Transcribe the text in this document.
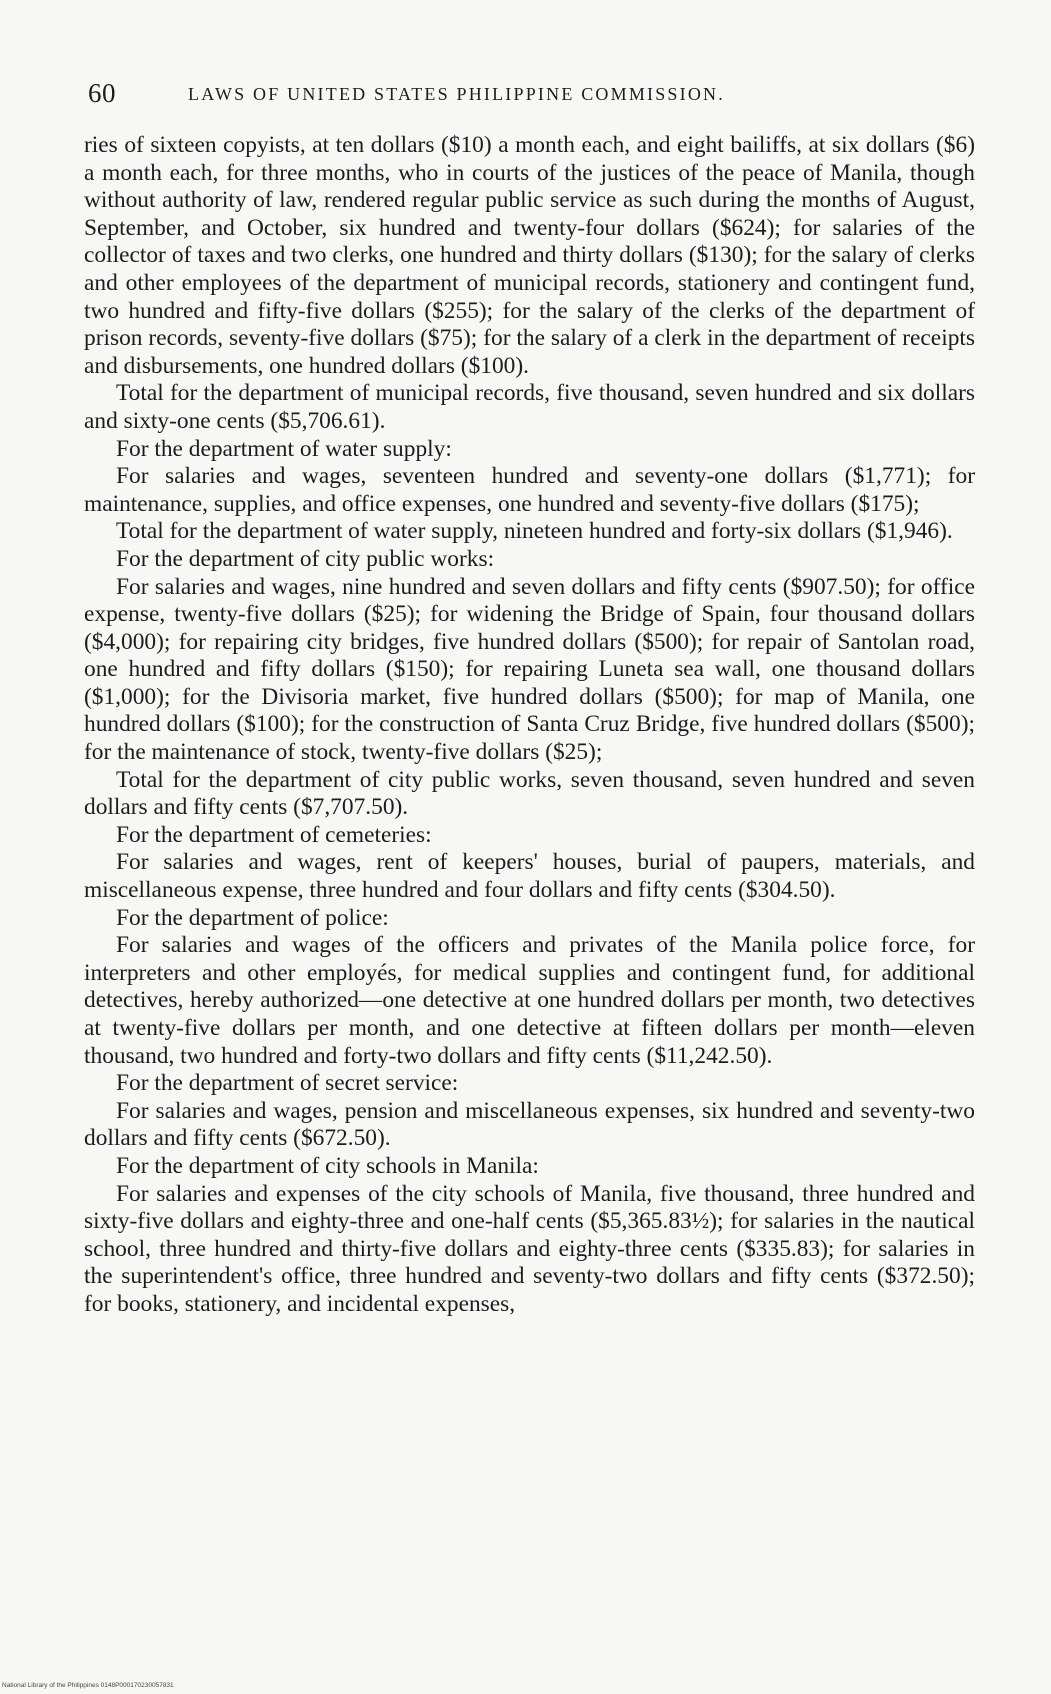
60	LAWS OF UNITED STATES PHILIPPINE COMMISSION.

ries of sixteen copyists, at ten dollars ($10) a month each, and eight bailiffs, at six dollars ($6) a month each, for three months, who in courts of the justices of the peace of Manila, though without authority of law, rendered regular public service as such during the months of August, September, and October, six hundred and twenty-four dollars ($624); for salaries of the collector of taxes and two clerks, one hundred and thirty dollars ($130); for the salary of clerks and other employees of the department of municipal records, stationery and contingent fund, two hundred and fifty-five dollars ($255); for the salary of the clerks of the department of prison records, seventy-five dollars ($75); for the salary of a clerk in the department of receipts and disbursements, one hundred dollars ($100).

Total for the department of municipal records, five thousand, seven hundred and six dollars and sixty-one cents ($5,706.61).

For the department of water supply:

For salaries and wages, seventeen hundred and seventy-one dollars ($1,771); for maintenance, supplies, and office expenses, one hundred and seventy-five dollars ($175);

Total for the department of water supply, nineteen hundred and forty-six dollars ($1,946).

For the department of city public works:

For salaries and wages, nine hundred and seven dollars and fifty cents ($907.50); for office expense, twenty-five dollars ($25); for widening the Bridge of Spain, four thousand dollars ($4,000); for repairing city bridges, five hundred dollars ($500); for repair of Santolan road, one hundred and fifty dollars ($150); for repairing Luneta sea wall, one thousand dollars ($1,000); for the Divisoria market, five hundred dollars ($500); for map of Manila, one hundred dollars ($100); for the construction of Santa Cruz Bridge, five hundred dollars ($500); for the maintenance of stock, twenty-five dollars ($25);

Total for the department of city public works, seven thousand, seven hundred and seven dollars and fifty cents ($7,707.50).

For the department of cemeteries:

For salaries and wages, rent of keepers' houses, burial of paupers, materials, and miscellaneous expense, three hundred and four dollars and fifty cents ($304.50).

For the department of police:

For salaries and wages of the officers and privates of the Manila police force, for interpreters and other employés, for medical supplies and contingent fund, for additional detectives, hereby authorized—one detective at one hundred dollars per month, two detectives at twenty-five dollars per month, and one detective at fifteen dollars per month—eleven thousand, two hundred and forty-two dollars and fifty cents ($11,242.50).

For the department of secret service:

For salaries and wages, pension and miscellaneous expenses, six hundred and seventy-two dollars and fifty cents ($672.50).

For the department of city schools in Manila:

For salaries and expenses of the city schools of Manila, five thousand, three hundred and sixty-five dollars and eighty-three and one-half cents ($5,365.83½); for salaries in the nautical school, three hundred and thirty-five dollars and eighty-three cents ($335.83); for salaries in the superintendent's office, three hundred and seventy-two dollars and fifty cents ($372.50); for books, stationery, and incidental expenses,

National Library of the Philippines 0148P000170230057831
